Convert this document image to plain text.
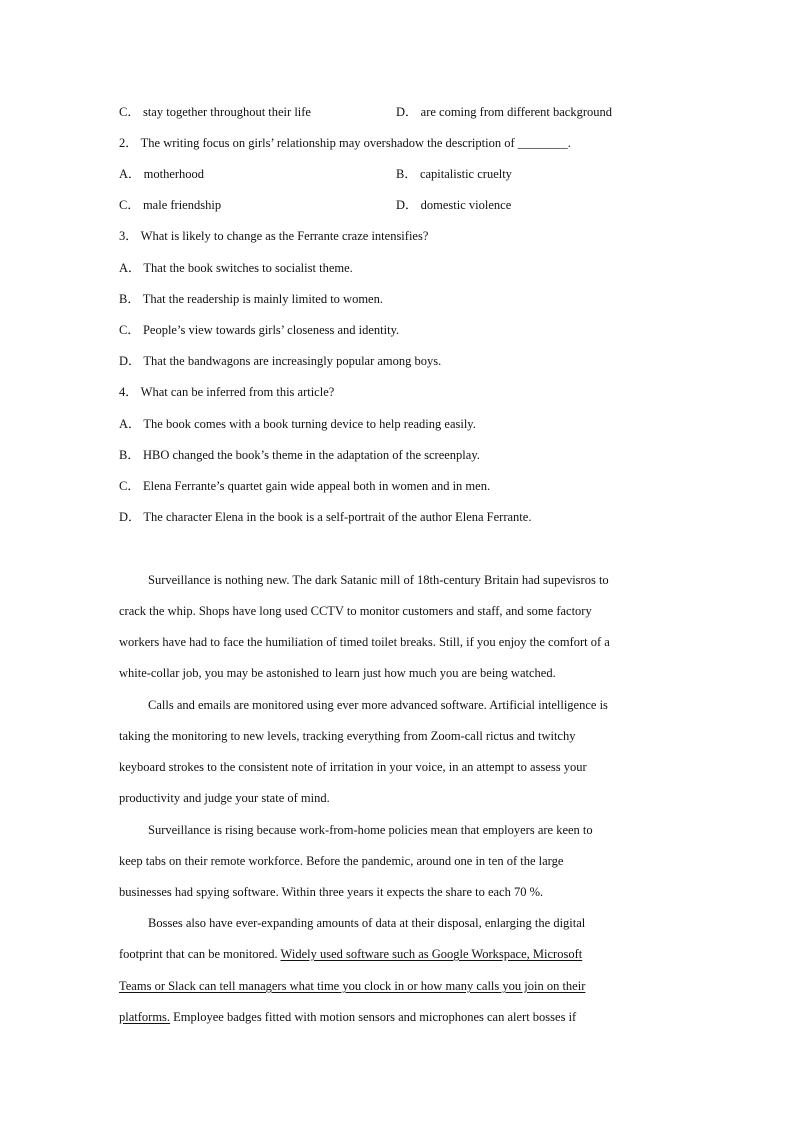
C． stay together throughout their life	D． are coming from different background
2． The writing focus on girls’ relationship may overshadow the description of ________.
A． motherhood	B． capitalistic cruelty
C． male friendship	D． domestic violence
3． What is likely to change as the Ferrante craze intensifies?
A． That the book switches to socialist theme.
B． That the readership is mainly limited to women.
C． People’s view towards girls’ closeness and identity.
D． That the bandwagons are increasingly popular among boys.
4． What can be inferred from this article?
A． The book comes with a book turning device to help reading easily.
B． HBO changed the book’s theme in the adaptation of the screenplay.
C． Elena Ferrante’s quartet gain wide appeal both in women and in men.
D． The character Elena in the book is a self-portrait of the author Elena Ferrante.
Surveillance is nothing new. The dark Satanic mill of 18th-century Britain had supevisros to
crack the whip. Shops have long used CCTV to monitor customers and staff, and some factory
workers have had to face the humiliation of timed toilet breaks. Still, if you enjoy the comfort of a
white-collar job, you may be astonished to learn just how much you are being watched.
Calls and emails are monitored using ever more advanced software. Artificial intelligence is
taking the monitoring to new levels, tracking everything from Zoom-call rictus and twitchy
keyboard strokes to the consistent note of irritation in your voice, in an attempt to assess your
productivity and judge your state of mind.
Surveillance is rising because work-from-home policies mean that employers are keen to
keep tabs on their remote workforce. Before the pandemic, around one in ten of the large
businesses had spying software. Within three years it expects the share to each 70 %.
Bosses also have ever-expanding amounts of data at their disposal, enlarging the digital
footprint that can be monitored. Widely used software such as Google Workspace, Microsoft
Teams or Slack can tell managers what time you clock in or how many calls you join on their
platforms. Employee badges fitted with motion sensors and microphones can alert bosses if
